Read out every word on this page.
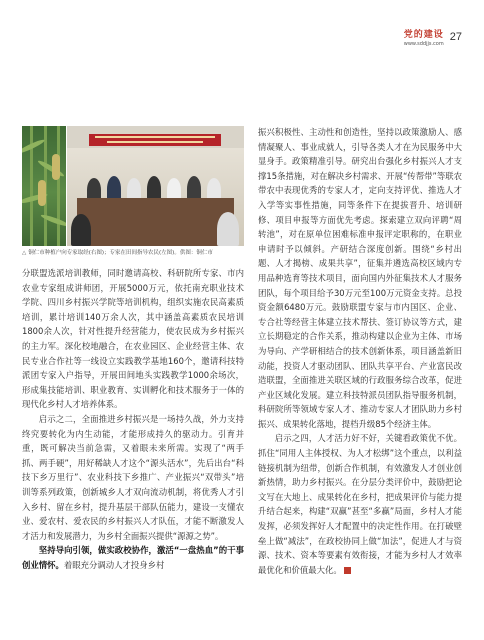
党的建设
www.sddjjs.com
27
△ 铜仁市种植户向专家取经(右图)；专家在田间指导农民(左图)。供图：铜仁市

分联盟选派培训教师，同时邀请高校、科研院所专家、市内农业专家组成讲师团，开展5000万元，依托南充职业技术学院、四川乡村振兴学院等培训机构，组织实施农民高素质培训，累计培训140万余人次，其中涵盖高素质农民培训1800余人次，针对性提升经营能力，使农民成为乡村振兴的主力军。深化校地融合，在农业园区、企业经营主体、农民专业合作社等一线设立实践教学基地160个，邀请科技特派团专家入户指导，开展田间地头实践教学1000余场次，形成集技能培训、职业教育、实训孵化和技术服务于一体的现代化乡村人才培养体系。

启示之二，全面推进乡村振兴是一场持久战，外力支持终究要转化为内生动能，才能形成持久的驱动力。引育并重，既可解决当前急需，又着眼未来所需。实现了“两手抓、两手硬”，用好稀缺人才这个“源头活水”，先后出台“科技下乡万里行”、农业科技下乡推广、产业振兴“双带头”培训等系列政策，创新城乡人才双向流动机制，将优秀人才引入乡村、留在乡村，提升基层干部队伍能力，建设一支懂农业、爱农村、爱农民的乡村振兴人才队伍，才能不断激发人才活力和发展潜力，为乡村全面振兴提供“源源之势”。

坚持导向引领，做实政校协作，激活“一盘热血”的干事创业情怀。着眼充分调动人才投身乡村

振兴积极性、主动性和创造性，坚持以政策激励人、感情凝聚人、事业成就人，引导各类人才在为民服务中大显身手。政策精准引导。研究出台强化乡村振兴人才支撑15条措施，对在解决乡村需求、开展“传帮带”等联农带农中表现优秀的专家人才，定向支持评优、推选人才入学等实事性措施，同等条件下在提拔晋升、培训研修、项目申报等方面优先考虑。探索建立双向评聘“周转池”，对在原单位困难标准申报评定职称的，在职业申请时予以倾斜。产研结合深度创新。围绕“乡村出题、人才揭榜、成果共享”，征集并遴选高校区域内专用品种选育等技术项目，面向国内外征集技术人才服务团队，每个项目给予30万元至100万元资金支持。总投资金额6480万元。鼓励联盟专家与市内国区、企业、专合社等经营主体建立技术帮扶、签订协议等方式，建立长期稳定的合作关系，推动构建以企业为主体、市场为导向、产学研相结合的技术创新体系，项目涵盖新旧动能，投资人才驱动团队、团队共享平台、产业富民改造联盟，全面推进关联区域的行政服务综合改革，促进产业区域化发展。建立科技特派员团队指导服务机制，科研院所等领域专家人才、推动专家人才团队助力乡村振兴、成果转化落地，提档升级85个经济主体。

启示之四，人才活力好不好，关键看政策优不优。抓住“同用人主体授权、为人才松绑”这个重点，以利益链接机制为纽带，创新合作机制，有效激发人才创业创新热情，助力乡村振兴。在分层分类评价中，鼓励把论文写在大地上、成果转化在乡村，把成果评价与能力提升结合起来，构建“双赢”甚至“多赢”局面，乡村人才能发挥，必须发挥好人才配置中的决定性作用。在打破壁垒上做“减法”，在政校协同上做“加法”，促进人才与资源、技术、资本等要素有效衔接，才能为乡村人才效率最优化和价值最大化。
